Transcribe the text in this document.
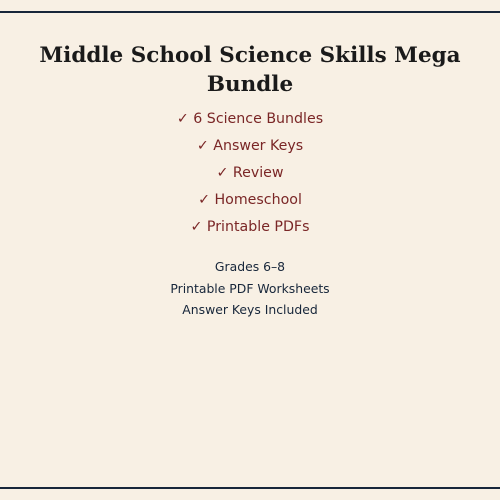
Middle School Science Skills Mega Bundle
✓ 6 Science Bundles
✓ Answer Keys
✓ Review
✓ Homeschool
✓ Printable PDFs
Grades 6–8
Printable PDF Worksheets
Answer Keys Included
